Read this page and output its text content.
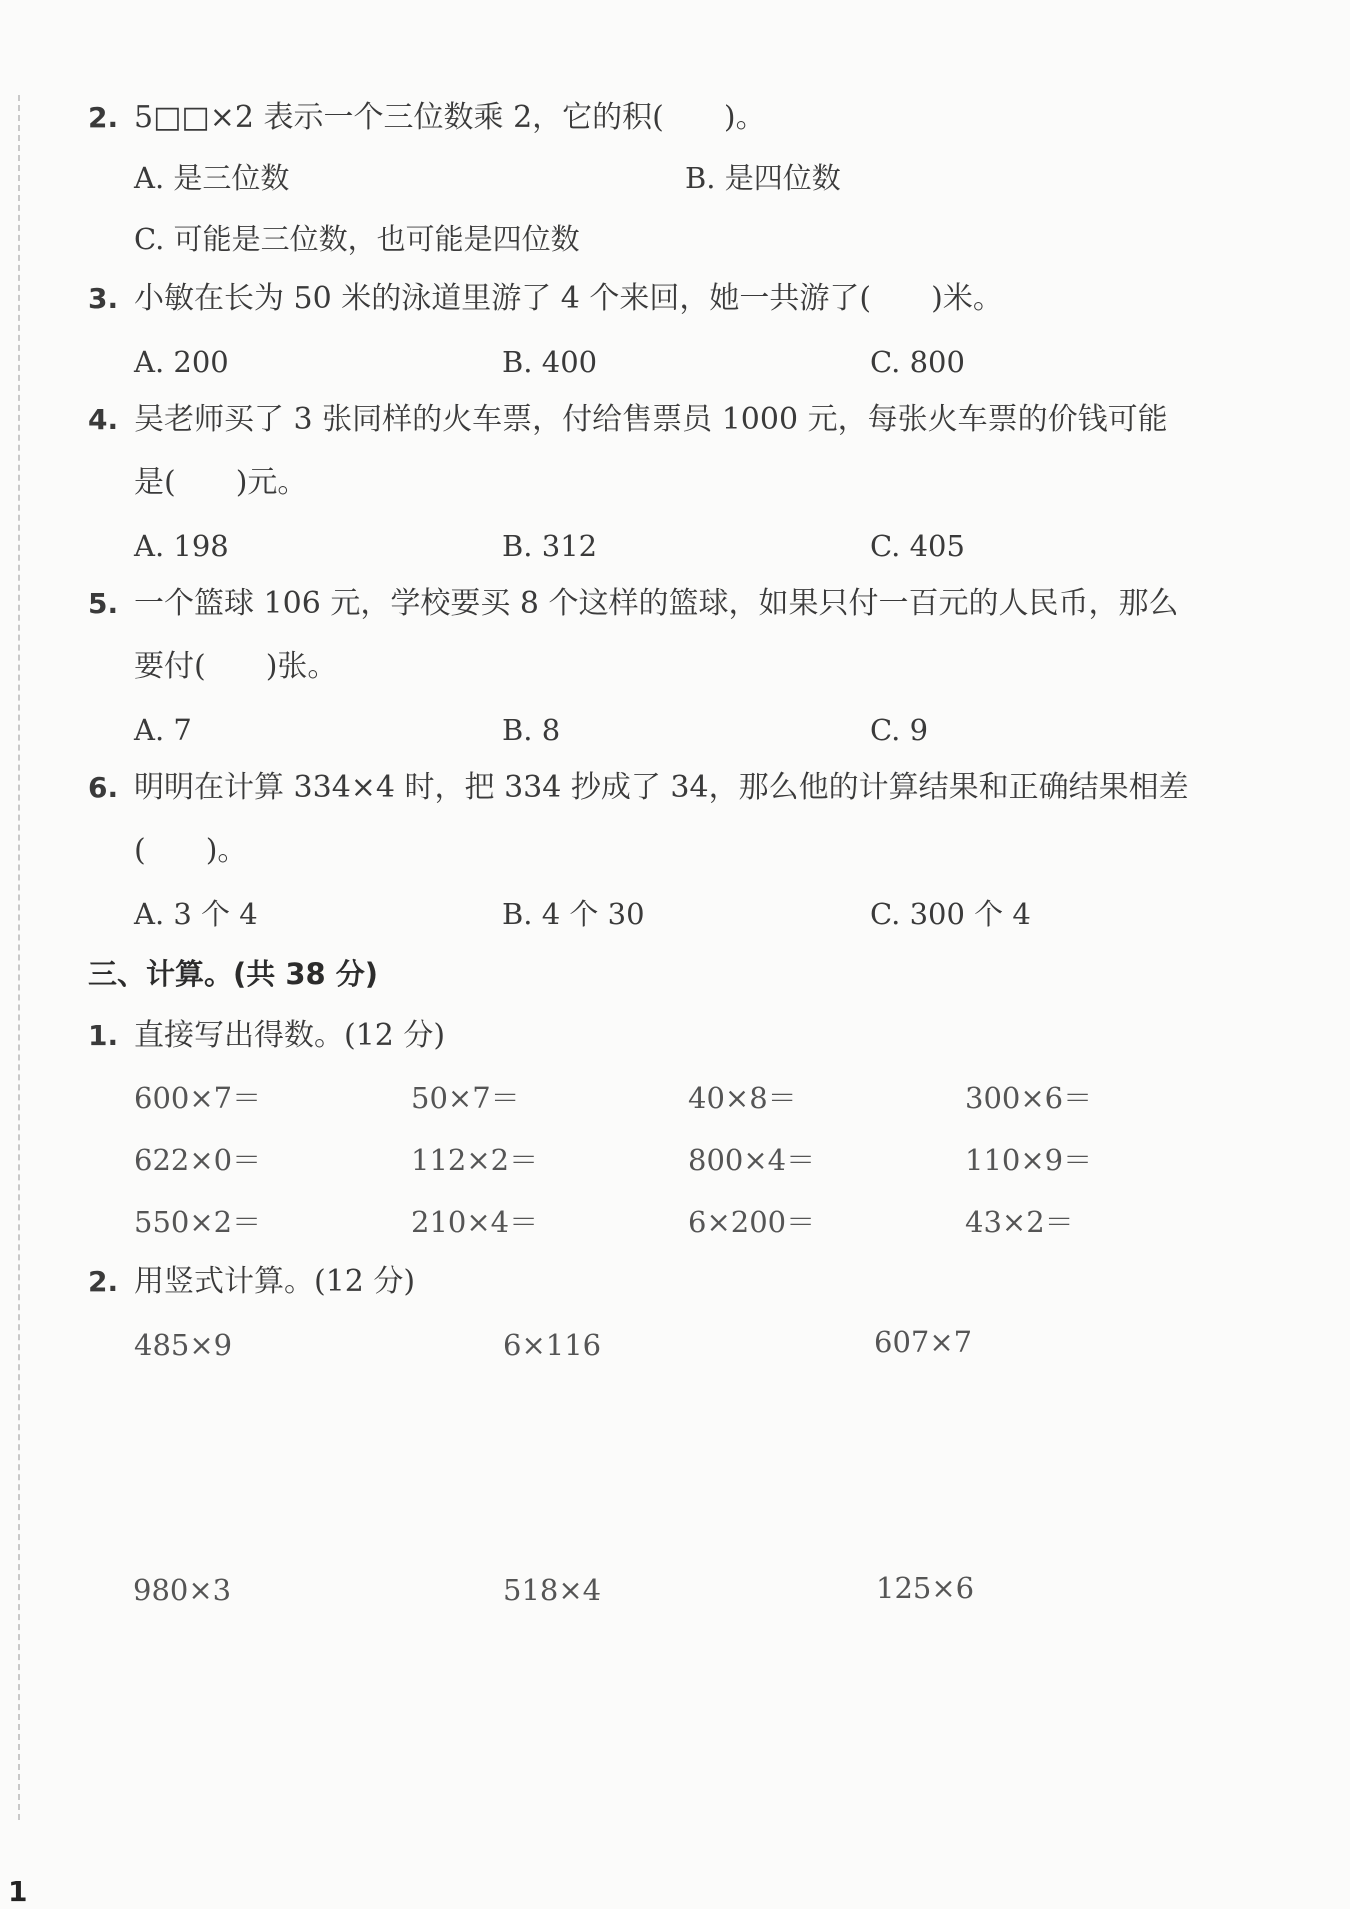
2. 5□□×2 表示一个三位数乘 2，它的积(　　)。
A. 是三位数	B. 是四位数
C. 可能是三位数，也可能是四位数
3. 小敏在长为 50 米的泳道里游了 4 个来回，她一共游了(　　)米。
A. 200	B. 400	C. 800
4. 吴老师买了 3 张同样的火车票，付给售票员 1000 元，每张火车票的价钱可能
是(　　)元。
A. 198	B. 312	C. 405
5. 一个篮球 106 元，学校要买 8 个这样的篮球，如果只付一百元的人民币，那么
要付(　　)张。
A. 7	B. 8	C. 9
6. 明明在计算 334×4 时，把 334 抄成了 34，那么他的计算结果和正确结果相差
(　　)。
A. 3 个 4	B. 4 个 30	C. 300 个 4
三、计算。(共 38 分)
1. 直接写出得数。(12 分)
600×7＝	50×7＝	40×8＝	300×6＝
622×0＝	112×2＝	800×4＝	110×9＝
550×2＝	210×4＝	6×200＝	43×2＝
2. 用竖式计算。(12 分)
485×9	6×116	607×7
980×3	518×4	125×6
1
